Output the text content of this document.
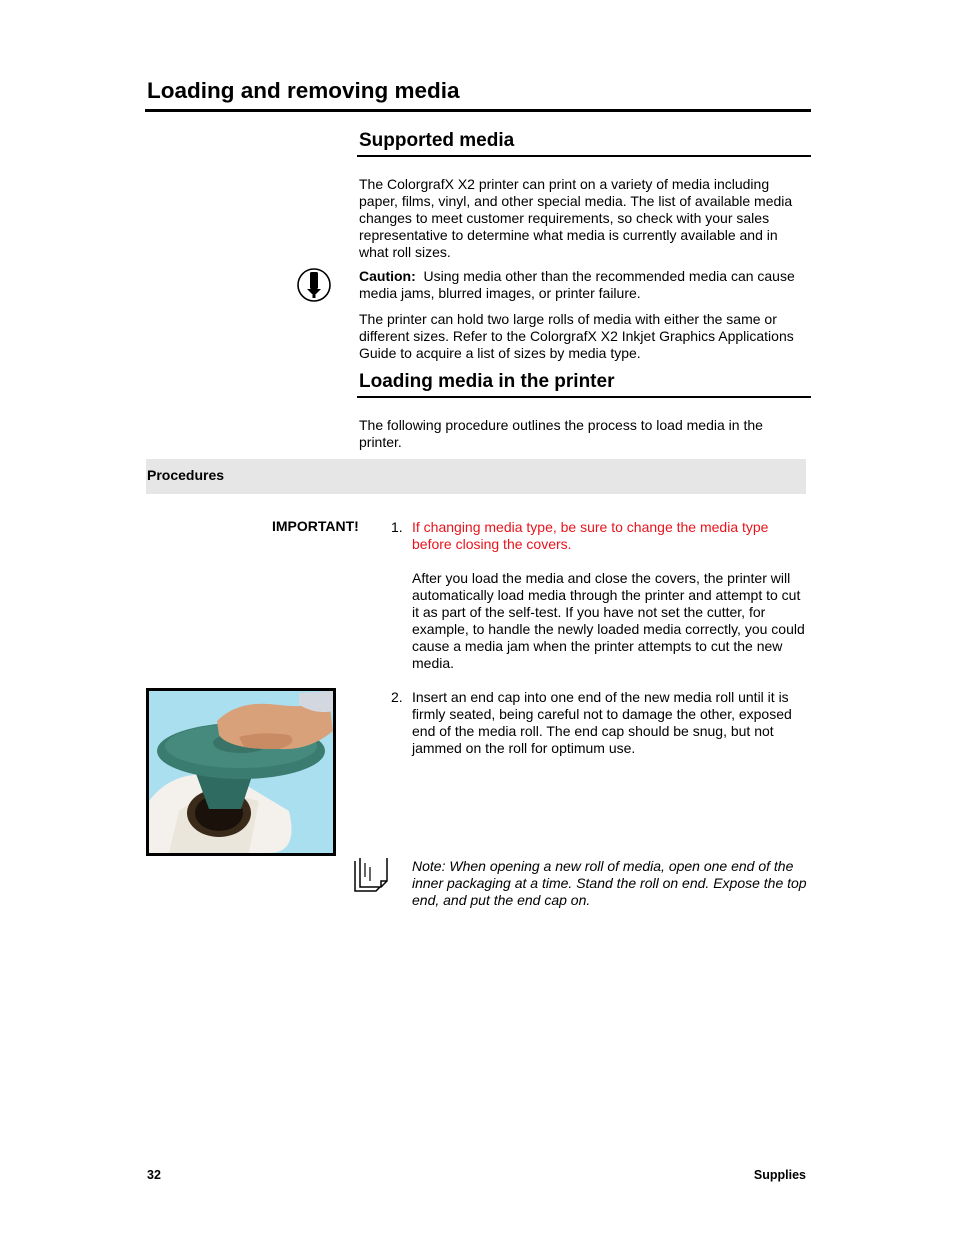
Loading and removing media
Supported media

The ColorgrafX X2 printer can print on a variety of media including paper, films, vinyl, and other special media. The list of available media changes to meet customer requirements, so check with your sales representative to determine what media is currently available and in what roll sizes.

Caution: Using media other than the recommended media can cause media jams, blurred images, or printer failure.

The printer can hold two large rolls of media with either the same or different sizes. Refer to the ColorgrafX X2 Inkjet Graphics Applications Guide to acquire a list of sizes by media type.

Loading media in the printer

The following procedure outlines the process to load media in the printer.

Procedures
IMPORTANT! 1. If changing media type, be sure to change the media type before closing the covers.

After you load the media and close the covers, the printer will automatically load media through the printer and attempt to cut it as part of the self-test. If you have not set the cutter, for example, to handle the newly loaded media correctly, you could cause a media jam when the printer attempts to cut the new media.

2. Insert an end cap into one end of the new media roll until it is firmly seated, being careful not to damage the other, exposed end of the media roll. The end cap should be snug, but not jammed on the roll for optimum use.

Note: When opening a new roll of media, open one end of the inner packaging at a time. Stand the roll on end. Expose the top end, and put the end cap on.

32	Supplies
